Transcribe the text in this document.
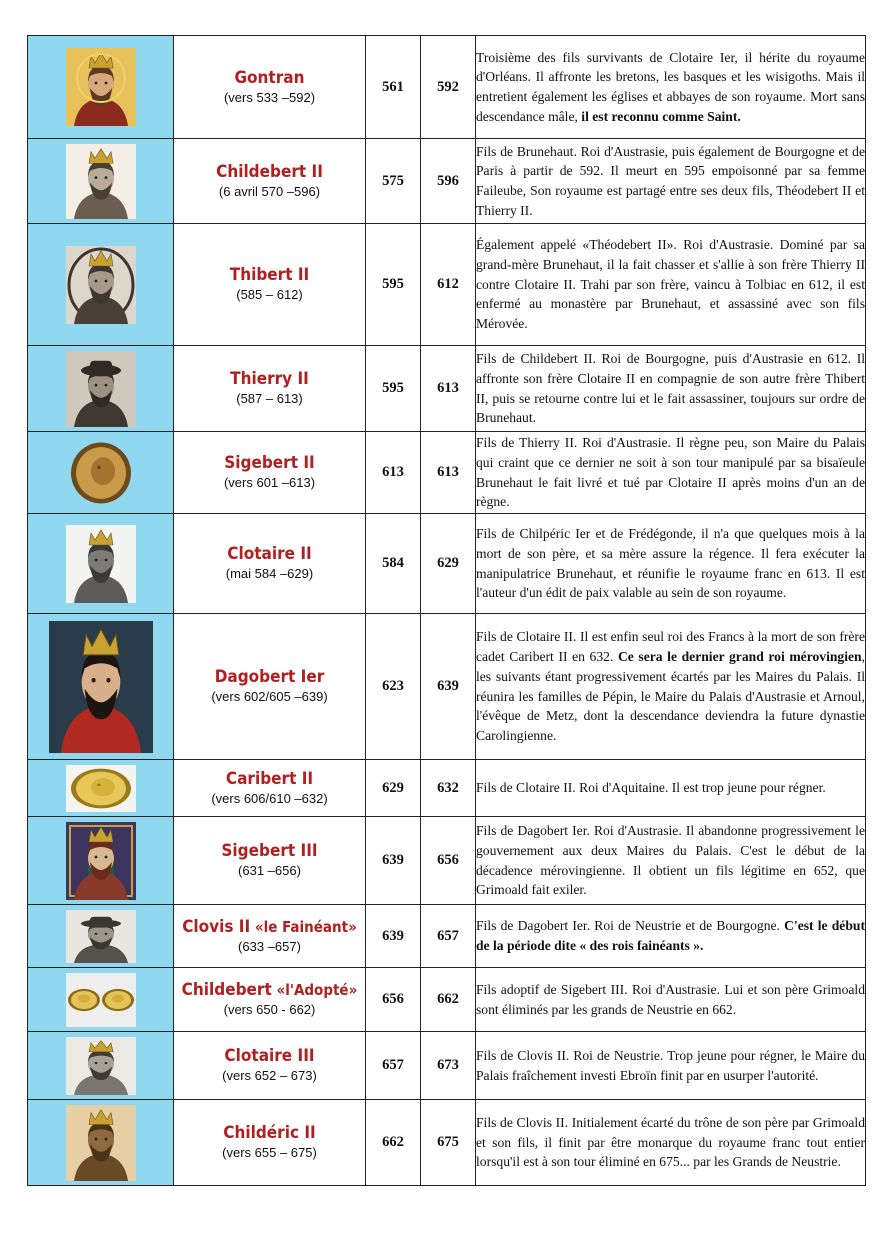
Gontran
(vers 533 –592)	561	592	Troisième des fils survivants de Clotaire Ier, il hérite du royaume d'Orléans. Il affronte les bretons, les basques et les wisigoths. Mais il entretient également les églises et abbayes de son royaume. Mort sans descendance mâle, il est reconnu comme Saint.

Childebert II
(6 avril 570 –596)	575	596	Fils de Brunehaut. Roi d'Austrasie, puis également de Bourgogne et de Paris à partir de 592. Il meurt en 595 empoisonné par sa femme Faileube, Son royaume est partagé entre ses deux fils, Théodebert II et Thierry II.

Thibert II
(585 – 612)	595	612	Également appelé «Théodebert II». Roi d'Austrasie. Dominé par sa grand-mère Brunehaut, il la fait chasser et s'allie à son frère Thierry II contre Clotaire II. Trahi par son frère, vaincu à Tolbiac en 612, il est enfermé au monastère par Brunehaut, et assassiné avec son fils Mérovée.

Thierry II
(587 – 613)	595	613	Fils de Childebert II. Roi de Bourgogne, puis d'Austrasie en 612. Il affronte son frère Clotaire II en compagnie de son autre frère Thibert II, puis se retourne contre lui et le fait assassiner, toujours sur ordre de Brunehaut.

Sigebert II
(vers 601 –613)	613	613	Fils de Thierry II. Roi d'Austrasie. Il règne peu, son Maire du Palais qui craint que ce dernier ne soit à son tour manipulé par sa bisaïeule Brunehaut le fait livré et tué par Clotaire II après moins d'un an de règne.

Clotaire II
(mai 584 –629)	584	629	Fils de Chilpéric Ier et de Frédégonde, il n'a que quelques mois à la mort de son père, et sa mère assure la régence. Il fera exécuter la manipulatrice Brunehaut, et réunifie le royaume franc en 613. Il est l'auteur d'un édit de paix valable au sein de son royaume.

Dagobert Ier
(vers 602/605 –639)	623	639	Fils de Clotaire II. Il est enfin seul roi des Francs à la mort de son frère cadet Caribert II en 632. Ce sera le dernier grand roi mérovingien, les suivants étant progressivement écartés par les Maires du Palais. Il réunira les familles de Pépin, le Maire du Palais d'Austrasie et Arnoul, l'évêque de Metz, dont la descendance deviendra la future dynastie Carolingienne.

Caribert II
(vers 606/610 –632)	629	632	Fils de Clotaire II. Roi d'Aquitaine. Il est trop jeune pour régner.

Sigebert III
(631 –656)	639	656	Fils de Dagobert Ier. Roi d'Austrasie. Il abandonne progressivement le gouvernement aux deux Maires du Palais. C'est le début de la décadence mérovingienne. Il obtient un fils légitime en 652, que Grimoald fait exiler.

Clovis II «le Fainéant»
(633 –657)	639	657	Fils de Dagobert Ier. Roi de Neustrie et de Bourgogne. C'est le début de la période dite « des rois fainéants ».

Childebert «l'Adopté»
(vers 650 - 662)	656	662	Fils adoptif de Sigebert III. Roi d'Austrasie. Lui et son père Grimoald sont éliminés par les grands de Neustrie en 662.

Clotaire III
(vers 652 – 673)	657	673	Fils de Clovis II. Roi de Neustrie. Trop jeune pour régner, le Maire du Palais fraîchement investi Ebroïn finit par en usurper l'autorité.

Childéric II
(vers 655 – 675)	662	675	Fils de Clovis II. Initialement écarté du trône de son père par Grimoald et son fils, il finit par être monarque du royaume franc tout entier lorsqu'il est à son tour éliminé en 675... par les Grands de Neustrie.
